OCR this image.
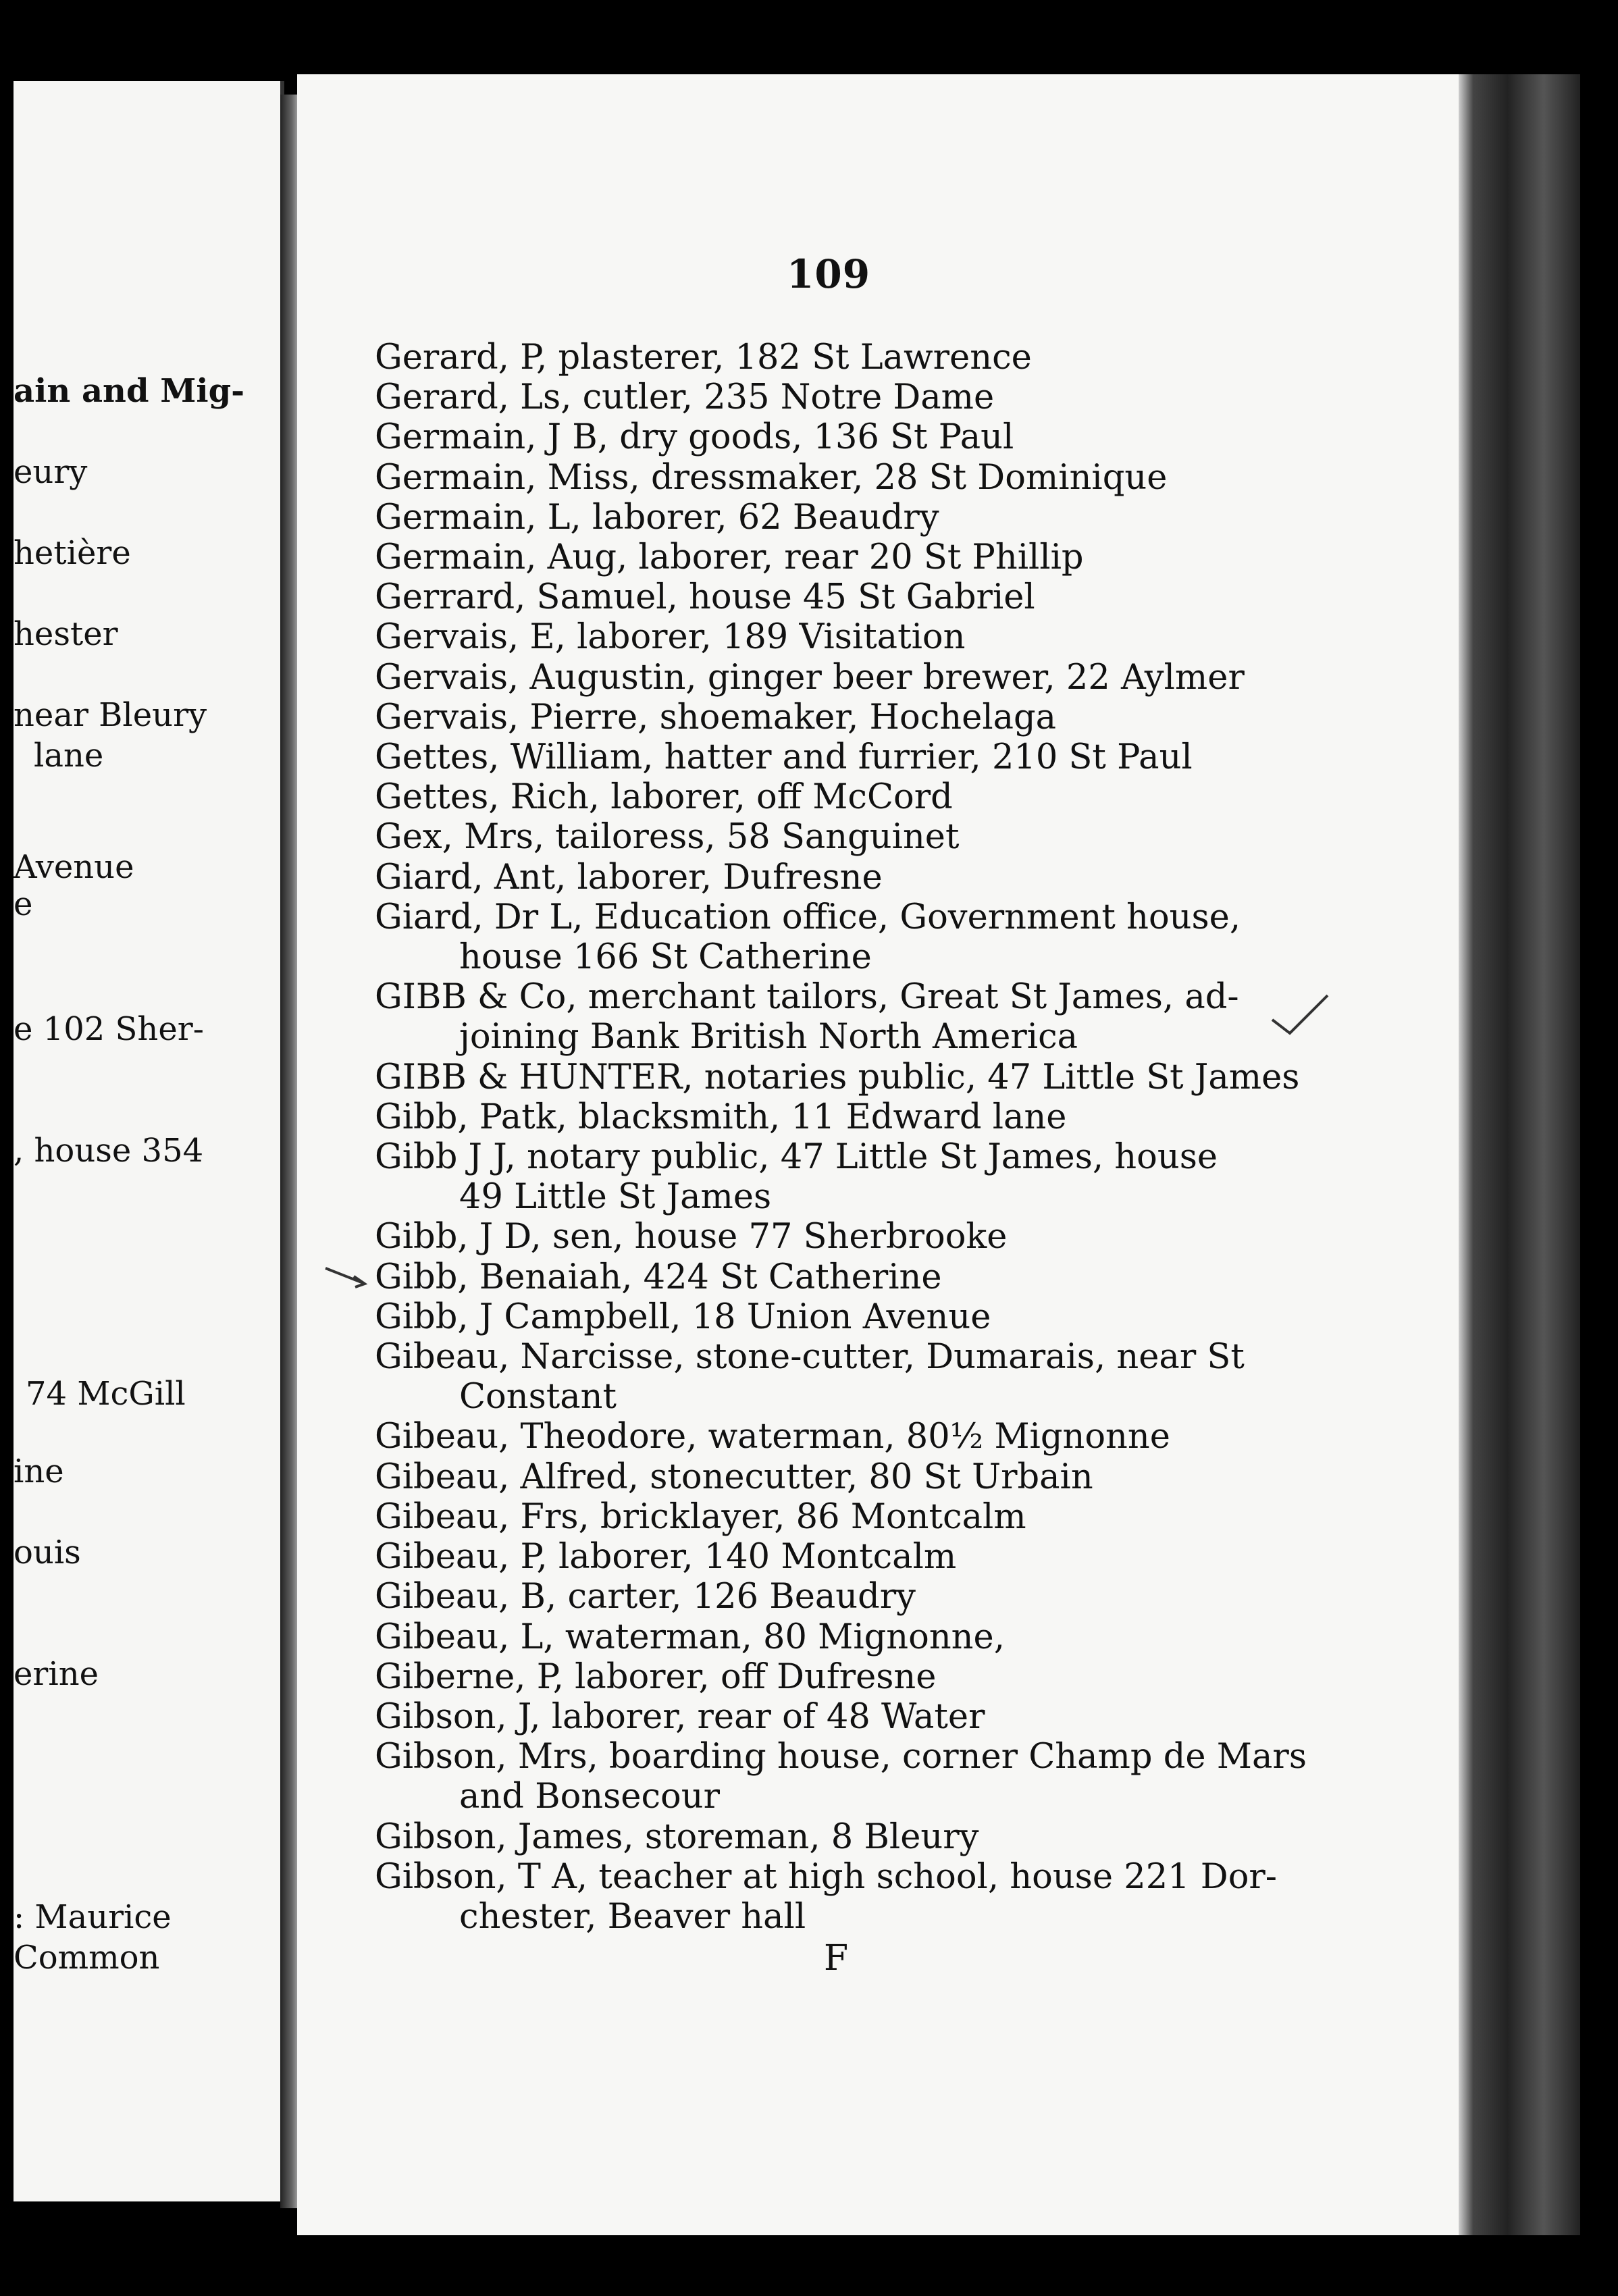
ain and Mig-
eury
hetière
hester
near Bleury
lane
Avenue
e
e 102 Sher-
, house 354
74 McGill
ine
ouis
erine
: Maurice
Common
109
Gerard, P, plasterer, 182 St Lawrence
Gerard, Ls, cutler, 235 Notre Dame
Germain, J B, dry goods, 136 St Paul
Germain, Miss, dressmaker, 28 St Dominique
Germain, L, laborer, 62 Beaudry
Germain, Aug, laborer, rear 20 St Phillip
Gerrard, Samuel, house 45 St Gabriel
Gervais, E, laborer, 189 Visitation
Gervais, Augustin, ginger beer brewer, 22 Aylmer
Gervais, Pierre, shoemaker, Hochelaga
Gettes, William, hatter and furrier, 210 St Paul
Gettes, Rich, laborer, off McCord
Gex, Mrs, tailoress, 58 Sanguinet
Giard, Ant, laborer, Dufresne
Giard, Dr L, Education office, Government house,
house 166 St Catherine
GIBB & Co, merchant tailors, Great St James, ad-
joining Bank British North America
GIBB & HUNTER, notaries public, 47 Little St James
Gibb, Patk, blacksmith, 11 Edward lane
Gibb J J, notary public, 47 Little St James, house
49 Little St James
Gibb, J D, sen, house 77 Sherbrooke
Gibb, Benaiah, 424 St Catherine
Gibb, J Campbell, 18 Union Avenue
Gibeau, Narcisse, stone-cutter, Dumarais, near St
Constant
Gibeau, Theodore, waterman, 80½ Mignonne
Gibeau, Alfred, stonecutter, 80 St Urbain
Gibeau, Frs, bricklayer, 86 Montcalm
Gibeau, P, laborer, 140 Montcalm
Gibeau, B, carter, 126 Beaudry
Gibeau, L, waterman, 80 Mignonne,
Giberne, P, laborer, off Dufresne
Gibson, J, laborer, rear of 48 Water
Gibson, Mrs, boarding house, corner Champ de Mars
and Bonsecour
Gibson, James, storeman, 8 Bleury
Gibson, T A, teacher at high school, house 221 Dor-
chester, Beaver hall
F
